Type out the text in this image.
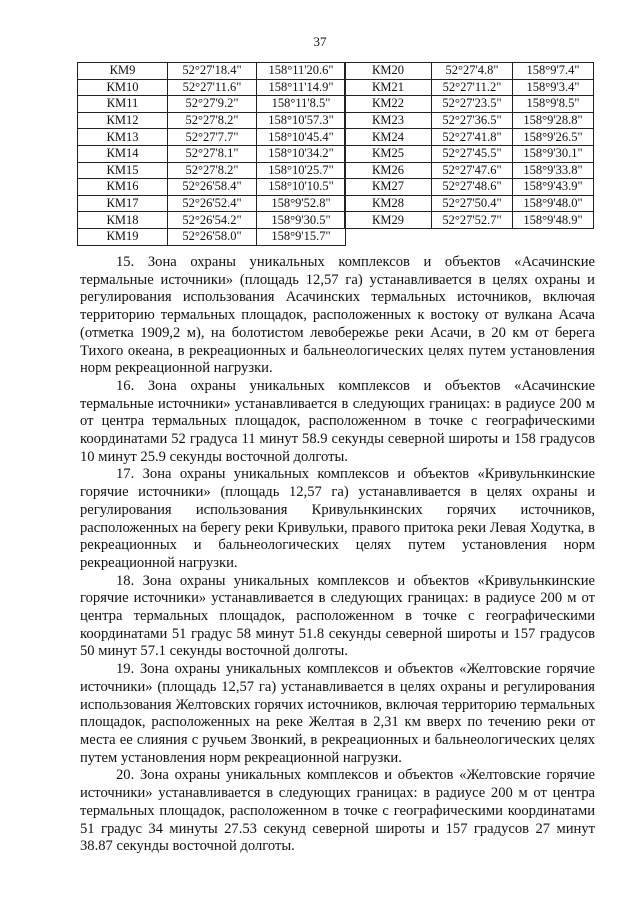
37
КМ9	52°27'18.4"	158°11'20.6"
КМ10	52°27'11.6"	158°11'14.9"
КМ11	52°27'9.2"	158°11'8.5"
КМ12	52°27'8.2"	158°10'57.3"
КМ13	52°27'7.7"	158°10'45.4"
КМ14	52°27'8.1"	158°10'34.2"
КМ15	52°27'8.2"	158°10'25.7"
КМ16	52°26'58.4"	158°10'10.5"
КМ17	52°26'52.4"	158°9'52.8"
КМ18	52°26'54.2"	158°9'30.5"
КМ19	52°26'58.0"	158°9'15.7"
КМ20	52°27'4.8"	158°9'7.4"
КМ21	52°27'11.2"	158°9'3.4"
КМ22	52°27'23.5"	158°9'8.5"
КМ23	52°27'36.5"	158°9'28.8"
КМ24	52°27'41.8"	158°9'26.5"
КМ25	52°27'45.5"	158°9'30.1"
КМ26	52°27'47.6"	158°9'33.8"
КМ27	52°27'48.6"	158°9'43.9"
КМ28	52°27'50.4"	158°9'48.0"
КМ29	52°27'52.7"	158°9'48.9"

15. Зона охраны уникальных комплексов и объектов «Асачинские термальные источники» (площадь 12,57 га) устанавливается в целях охраны и регулирования использования Асачинских термальных источников, включая территорию термальных площадок, расположенных к востоку от вулкана Асача (отметка 1909,2 м), на болотистом левобережье реки Асачи, в 20 км от берега Тихого океана, в рекреационных и бальнеологических целях путем установления норм рекреационной нагрузки.

16. Зона охраны уникальных комплексов и объектов «Асачинские термальные источники» устанавливается в следующих границах: в радиусе 200 м от центра термальных площадок, расположенном в точке с географическими координатами 52 градуса 11 минут 58.9 секунды северной широты и 158 градусов 10 минут 25.9 секунды восточной долготы.

17. Зона охраны уникальных комплексов и объектов «Кривульнкинские горячие источники» (площадь 12,57 га) устанавливается в целях охраны и регулирования использования Кривульнкинских горячих источников, расположенных на берегу реки Кривульки, правого притока реки Левая Ходутка, в рекреационных и бальнеологических целях путем установления норм рекреационной нагрузки.

18. Зона охраны уникальных комплексов и объектов «Кривульнкинские горячие источники» устанавливается в следующих границах: в радиусе 200 м от центра термальных площадок, расположенном в точке с географическими координатами 51 градус 58 минут 51.8 секунды северной широты и 157 градусов 50 минут 57.1 секунды восточной долготы.

19. Зона охраны уникальных комплексов и объектов «Желтовские горячие источники» (площадь 12,57 га) устанавливается в целях охраны и регулирования использования Желтовских горячих источников, включая территорию термальных площадок, расположенных на реке Желтая в 2,31 км вверх по течению реки от места ее слияния с ручьем Звонкий, в рекреационных и бальнеологических целях путем установления норм рекреационной нагрузки.

20. Зона охраны уникальных комплексов и объектов «Желтовские горячие источники» устанавливается в следующих границах: в радиусе 200 м от центра термальных площадок, расположенном в точке с географическими координатами 51 градус 34 минуты 27.53 секунд северной широты и 157 градусов 27 минут 38.87 секунды восточной долготы.
